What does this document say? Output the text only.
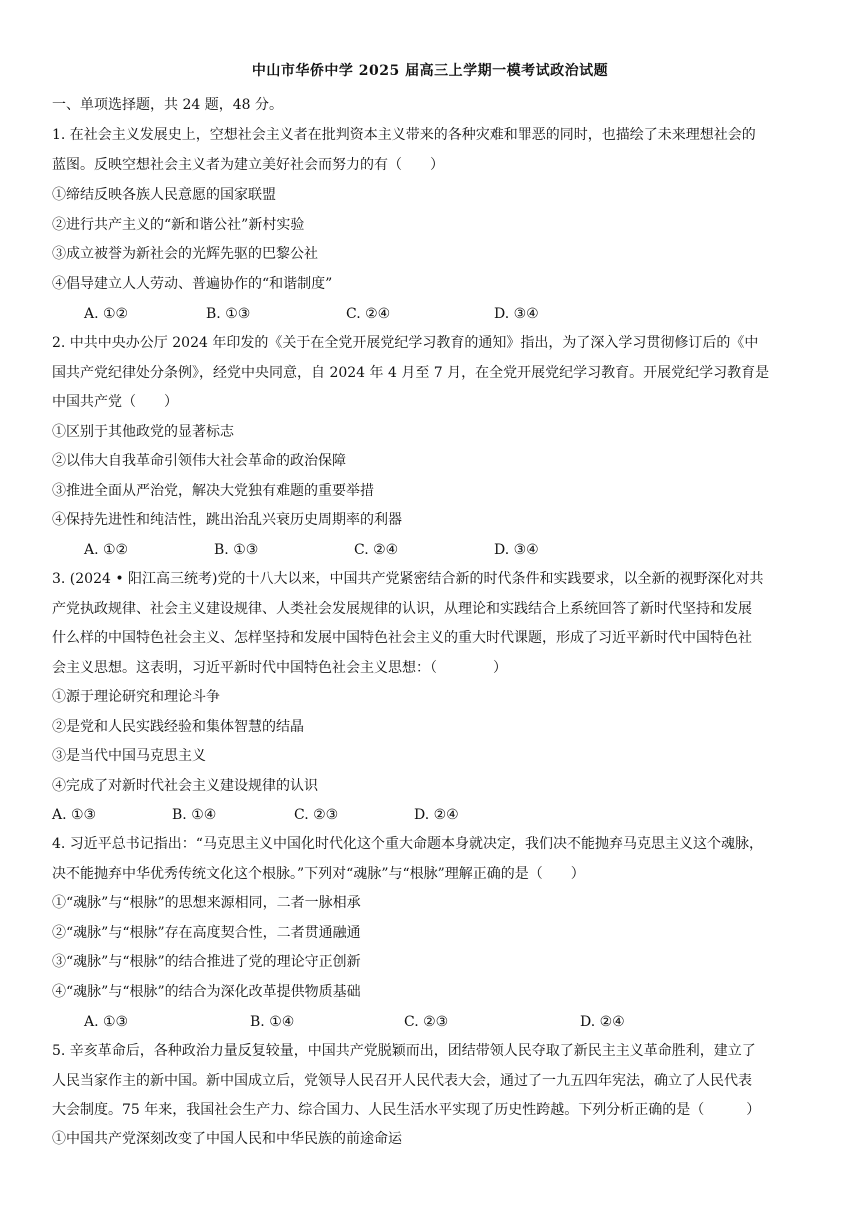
中山市华侨中学 2025 届高三上学期一模考试政治试题
一、单项选择题，共 24 题，48 分。
1. 在社会主义发展史上，空想社会主义者在批判资本主义带来的各种灾难和罪恶的同时，也描绘了未来理想社会的
蓝图。反映空想社会主义者为建立美好社会而努力的有（　　）
①缔结反映各族人民意愿的国家联盟
②进行共产主义的“新和谐公社”新村实验
③成立被誉为新社会的光辉先驱的巴黎公社
④倡导建立人人劳动、普遍协作的“和谐制度”
A. ①②	B. ①③	C. ②④	D. ③④
2. 中共中央办公厅 2024 年印发的《关于在全党开展党纪学习教育的通知》指出，为了深入学习贯彻修订后的《中
国共产党纪律处分条例》，经党中央同意，自 2024 年 4 月至 7 月，在全党开展党纪学习教育。开展党纪学习教育是
中国共产党（　　）
①区别于其他政党的显著标志
②以伟大自我革命引领伟大社会革命的政治保障
③推进全面从严治党，解决大党独有难题的重要举措
④保持先进性和纯洁性，跳出治乱兴衰历史周期率的利器
A. ①②	B. ①③	C. ②④	D. ③④
3. (2024 • 阳江高三统考)党的十八大以来，中国共产党紧密结合新的时代条件和实践要求，以全新的视野深化对共
产党执政规律、社会主义建设规律、人类社会发展规律的认识，从理论和实践结合上系统回答了新时代坚持和发展
什么样的中国特色社会主义、怎样坚持和发展中国特色社会主义的重大时代课题，形成了习近平新时代中国特色社
会主义思想。这表明，习近平新时代中国特色社会主义思想：（　　　　）
①源于理论研究和理论斗争
②是党和人民实践经验和集体智慧的结晶
③是当代中国马克思主义
④完成了对新时代社会主义建设规律的认识
A. ①③	B. ①④	C. ②③	D. ②④
4. 习近平总书记指出：“马克思主义中国化时代化这个重大命题本身就决定，我们决不能抛弃马克思主义这个魂脉，
决不能抛弃中华优秀传统文化这个根脉。”下列对“魂脉”与“根脉”理解正确的是（　　）
①“魂脉”与“根脉”的思想来源相同，二者一脉相承
②“魂脉”与“根脉”存在高度契合性，二者贯通融通
③“魂脉”与“根脉”的结合推进了党的理论守正创新
④“魂脉”与“根脉”的结合为深化改革提供物质基础
A. ①③	B. ①④	C. ②③	D. ②④
5. 辛亥革命后，各种政治力量反复较量，中国共产党脱颖而出，团结带领人民夺取了新民主主义革命胜利，建立了
人民当家作主的新中国。新中国成立后，党领导人民召开人民代表大会，通过了一九五四年宪法，确立了人民代表
大会制度。75 年来，我国社会生产力、综合国力、人民生活水平实现了历史性跨越。下列分析正确的是（　　　）
①中国共产党深刻改变了中国人民和中华民族的前途命运
